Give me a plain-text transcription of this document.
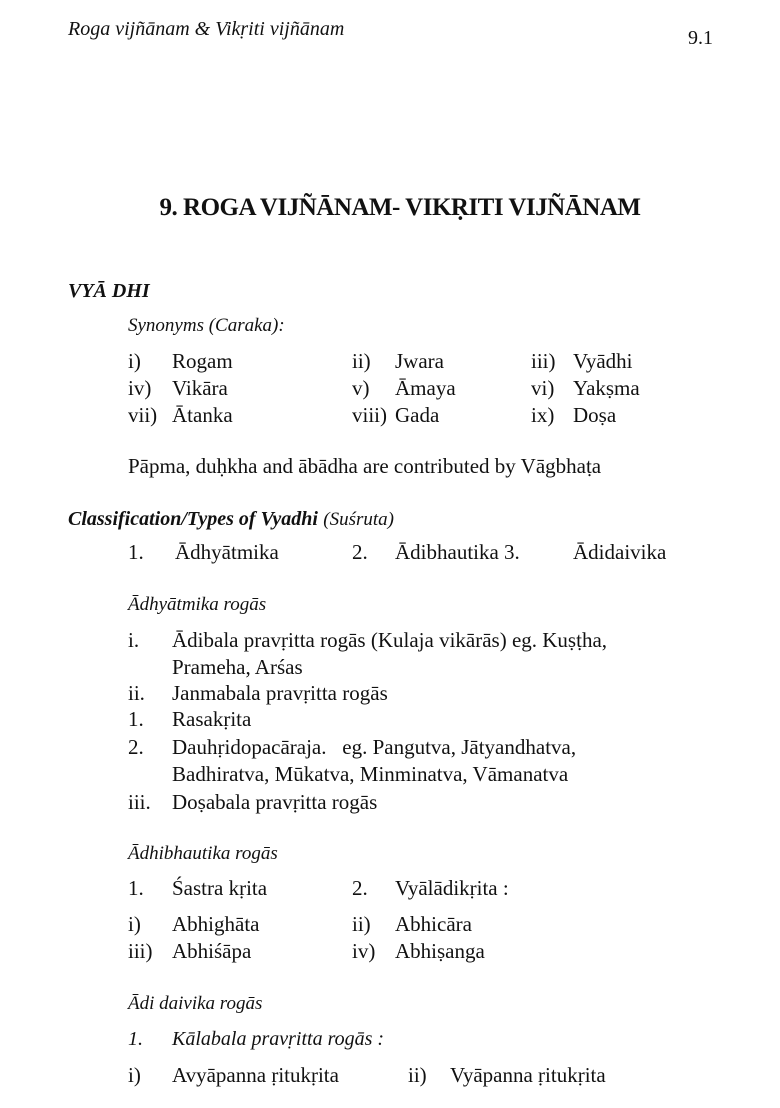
Roga vijñānam & Vikṛiti vijñānam	9.1
9. ROGA VIJÑĀNAM- VIKṚITI VIJÑĀNAM
VYĀ DHI
Synonyms (Caraka):
i) Rogam	ii) Jwara	iii) Vyādhi
iv) Vikāra	v) Āmaya	vi) Yakṣma
vii) Ātanka	viii) Gada	ix) Doṣa
Pāpma, duḥkha and ābādha are contributed by Vāgbhaṭa
Classification/Types of Vyadhi (Suśruta)
1. Ādhyātmika	2. Ādibhautika 3.	Ādidaivika
Ādhyātmika rogās
i. Ādibala pravṛitta rogās (Kulaja vikārās) eg. Kuṣṭha,
Prameha, Arśas
ii. Janmabala pravṛitta rogās
1. Rasakṛita
2. Dauhṛidopacāraja.   eg. Pangutva, Jātyandhatva,
Badhiratva, Mūkatva, Minminatva, Vāmanatva
iii. Doṣabala pravṛitta rogās
Ādhibhautika rogās
1. Śastra kṛita	2. Vyālādikṛita :
i) Abhighāta	ii) Abhicāra
iii) Abhiśāpa	iv) Abhiṣanga
Ādi daivika rogās
1. Kālabala pravṛitta rogās :
i) Avyāpanna ṛitukṛita	ii) Vyāpanna ṛitukṛita
